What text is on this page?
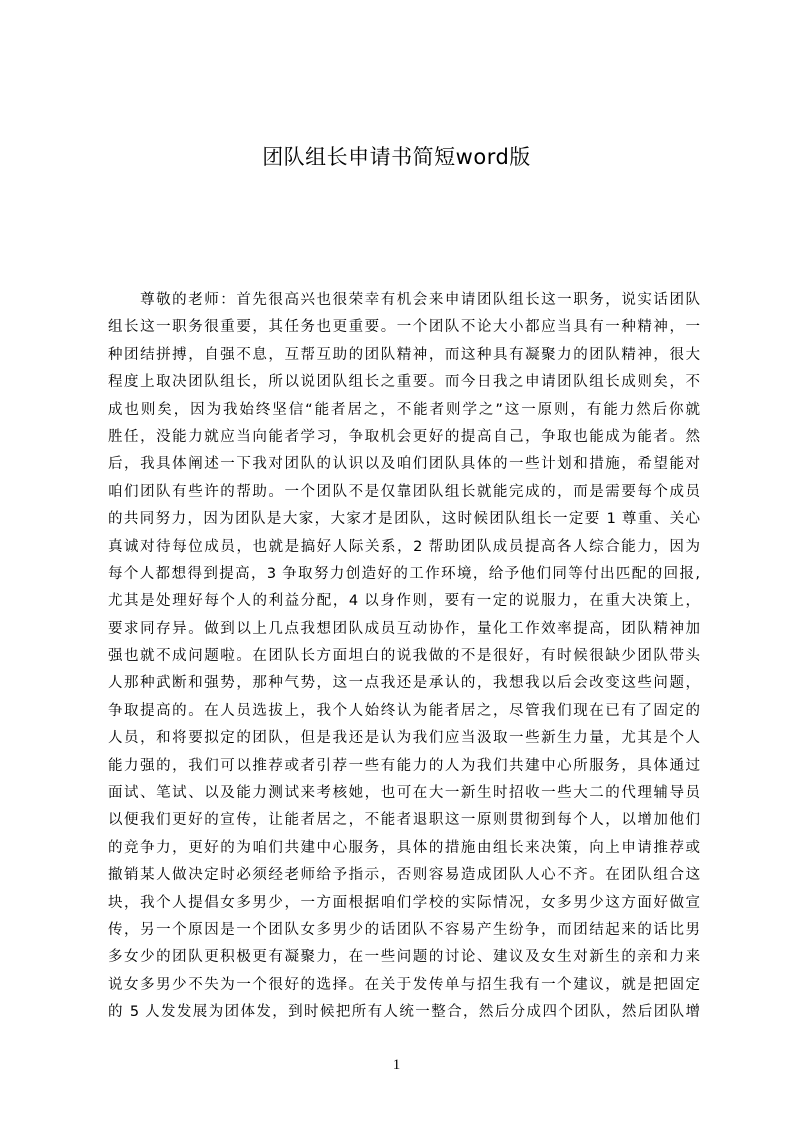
团队组长申请书简短word版
　　尊敬的老师：首先很高兴也很荣幸有机会来申请团队组长这一职务，说实话团队
组长这一职务很重要，其任务也更重要。一个团队不论大小都应当具有一种精神，一
种团结拼搏，自强不息，互帮互助的团队精神，而这种具有凝聚力的团队精神，很大
程度上取决团队组长，所以说团队组长之重要。而今日我之申请团队组长成则矣，不
成也则矣，因为我始终坚信“能者居之，不能者则学之”这一原则，有能力然后你就
胜任，没能力就应当向能者学习，争取机会更好的提高自己，争取也能成为能者。然
后，我具体阐述一下我对团队的认识以及咱们团队具体的一些计划和措施，希望能对
咱们团队有些许的帮助。一个团队不是仅靠团队组长就能完成的，而是需要每个成员
的共同努力，因为团队是大家，大家才是团队，这时候团队组长一定要 1 尊重、关心
真诚对待每位成员，也就是搞好人际关系，2 帮助团队成员提高各人综合能力，因为
每个人都想得到提高，3 争取努力创造好的工作环境，给予他们同等付出匹配的回报,
尤其是处理好每个人的利益分配，4 以身作则，要有一定的说服力，在重大决策上，
要求同存异。做到以上几点我想团队成员互动协作，量化工作效率提高，团队精神加
强也就不成问题啦。在团队长方面坦白的说我做的不是很好，有时候很缺少团队带头
人那种武断和强势，那种气势，这一点我还是承认的，我想我以后会改变这些问题，
争取提高的。在人员选拔上，我个人始终认为能者居之，尽管我们现在已有了固定的
人员，和将要拟定的团队，但是我还是认为我们应当汲取一些新生力量，尤其是个人
能力强的，我们可以推荐或者引荐一些有能力的人为我们共建中心所服务，具体通过
面试、笔试、以及能力测试来考核她，也可在大一新生时招收一些大二的代理辅导员
以便我们更好的宣传，让能者居之，不能者退职这一原则贯彻到每个人，以增加他们
的竞争力，更好的为咱们共建中心服务，具体的措施由组长来决策，向上申请推荐或
撤销某人做决定时必须经老师给予指示，否则容易造成团队人心不齐。在团队组合这
块，我个人提倡女多男少，一方面根据咱们学校的实际情况，女多男少这方面好做宣
传，另一个原因是一个团队女多男少的话团队不容易产生纷争，而团结起来的话比男
多女少的团队更积极更有凝聚力，在一些问题的讨论、建议及女生对新生的亲和力来
说女多男少不失为一个很好的选择。在关于发传单与招生我有一个建议，就是把固定
的 5 人发发展为团体发，到时候把所有人统一整合，然后分成四个团队，然后团队增
1
